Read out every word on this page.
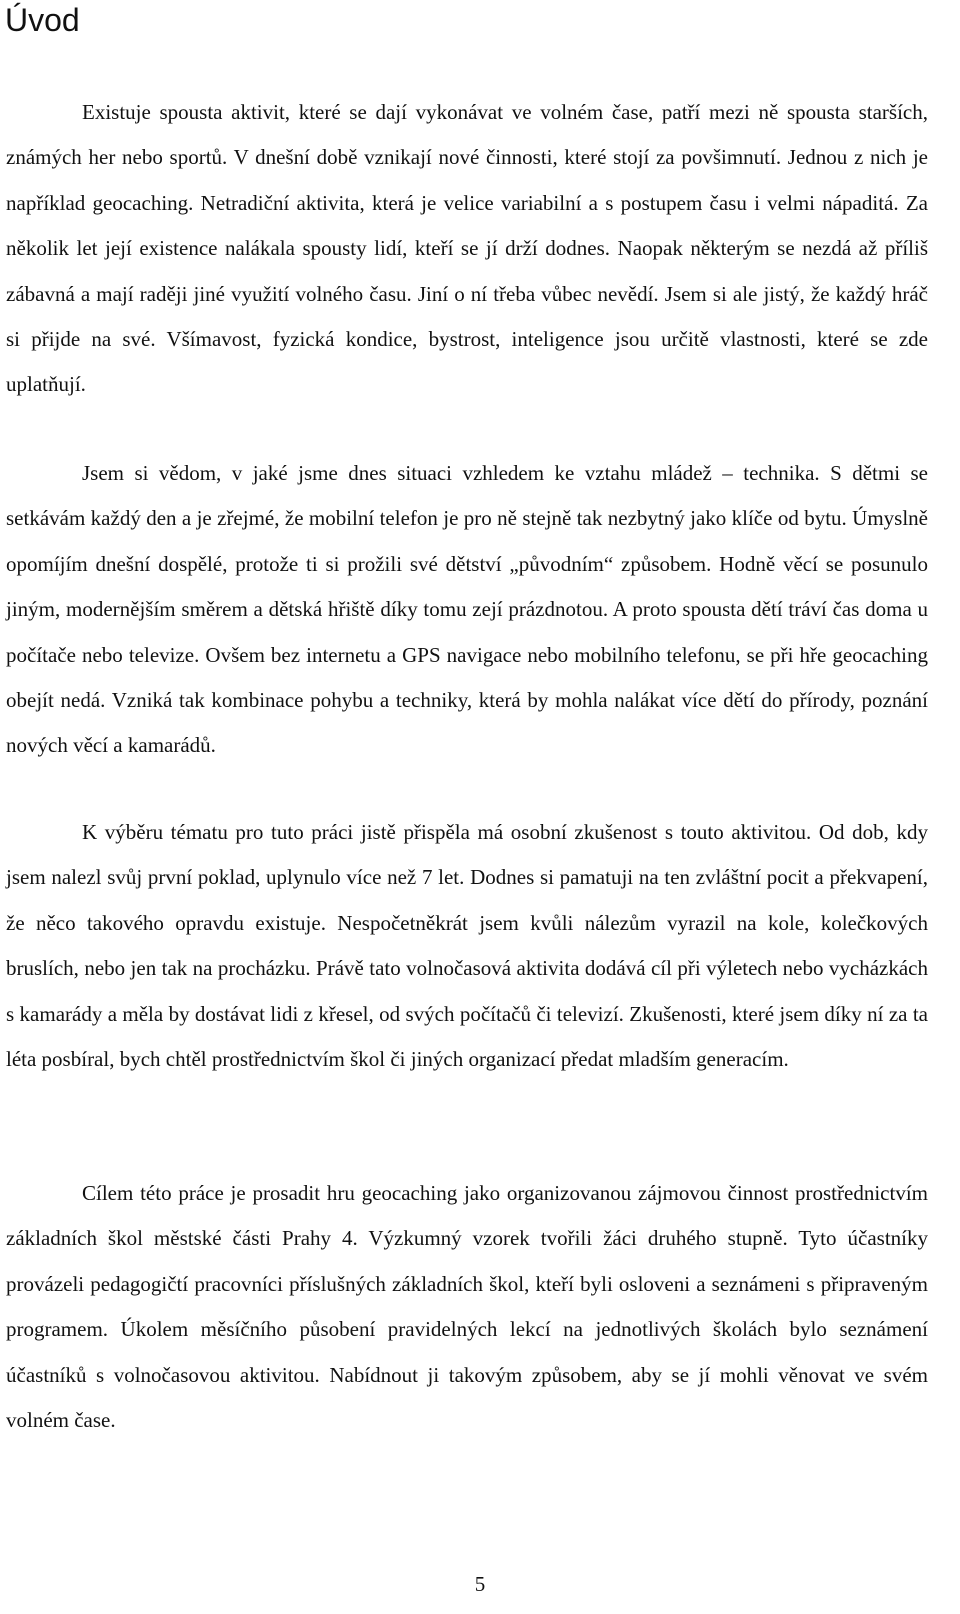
Úvod

Existuje spousta aktivit, které se dají vykonávat ve volném čase, patří mezi ně spousta starších, známých her nebo sportů. V dnešní době vznikají nové činnosti, které stojí za povšimnutí. Jednou z nich je například geocaching. Netradiční aktivita, která je velice variabilní a s postupem času i velmi nápaditá. Za několik let její existence nalákala spousty lidí, kteří se jí drží dodnes. Naopak některým se nezdá až příliš zábavná a mají raději jiné využití volného času. Jiní o ní třeba vůbec nevědí. Jsem si ale jistý, že každý hráč si přijde na své. Všímavost, fyzická kondice, bystrost, inteligence jsou určitě vlastnosti, které se zde uplatňují.

Jsem si vědom, v jaké jsme dnes situaci vzhledem ke vztahu mládež – technika. S dětmi se setkávám každý den a je zřejmé, že mobilní telefon je pro ně stejně tak nezbytný jako klíče od bytu. Úmyslně opomíjím dnešní dospělé, protože ti si prožili své dětství „původním“ způsobem. Hodně věcí se posunulo jiným, modernějším směrem a dětská hřiště díky tomu zejí prázdnotou. A proto spousta dětí tráví čas doma u počítače nebo televize. Ovšem bez internetu a GPS navigace nebo mobilního telefonu, se při hře geocaching obejít nedá. Vzniká tak kombinace pohybu a techniky, která by mohla nalákat více dětí do přírody, poznání nových věcí a kamarádů.

K výběru tématu pro tuto práci jistě přispěla má osobní zkušenost s touto aktivitou. Od dob, kdy jsem nalezl svůj první poklad, uplynulo více než 7 let. Dodnes si pamatuji na ten zvláštní pocit a překvapení, že něco takového opravdu existuje. Nespočetněkrát jsem kvůli nálezům vyrazil na kole, kolečkových bruslích, nebo jen tak na procházku. Právě tato volnočasová aktivita dodává cíl při výletech nebo vycházkách s kamarády a měla by dostávat lidi z křesel, od svých počítačů či televizí. Zkušenosti, které jsem díky ní za ta léta posbíral, bych chtěl prostřednictvím škol či jiných organizací předat mladším generacím.

Cílem této práce je prosadit hru geocaching jako organizovanou zájmovou činnost prostřednictvím základních škol městské části Prahy 4. Výzkumný vzorek tvořili žáci druhého stupně. Tyto účastníky provázeli pedagogičtí pracovníci příslušných základních škol, kteří byli osloveni a seznámeni s připraveným programem. Úkolem měsíčního působení pravidelných lekcí na jednotlivých školách bylo seznámení účastníků s volnočasovou aktivitou. Nabídnout ji takovým způsobem, aby se jí mohli věnovat ve svém volném čase.

5
